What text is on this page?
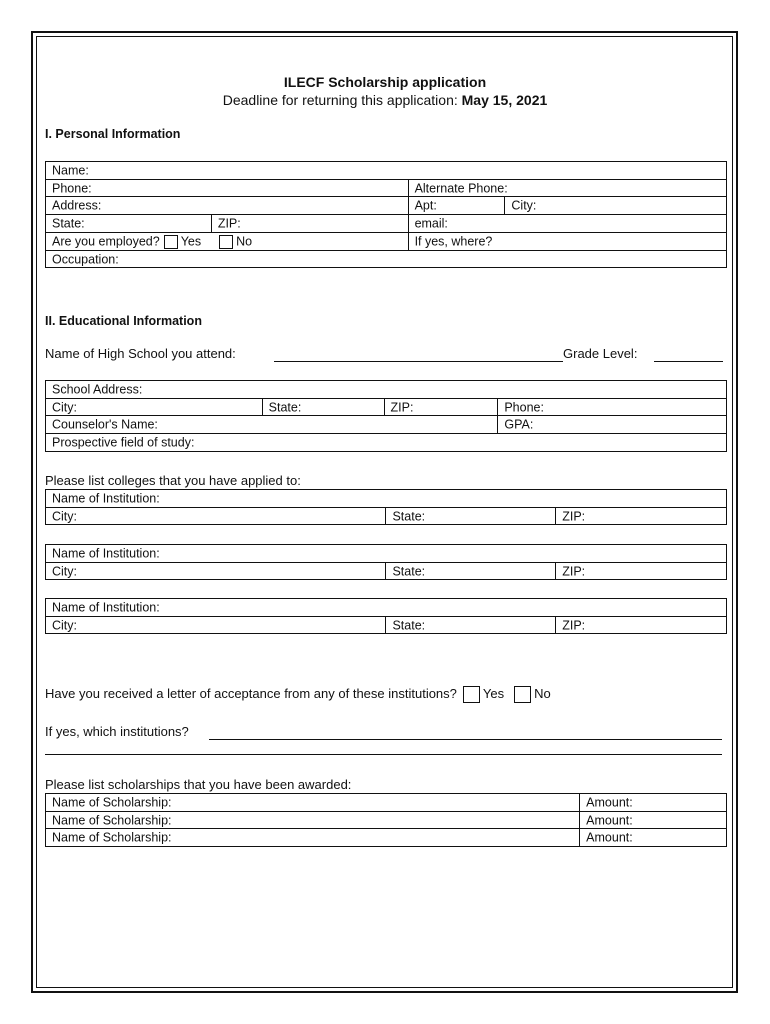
ILECF Scholarship application
Deadline for returning this application: May 15, 2021
I. Personal Information
Name:			
Phone:		Alternate Phone:	
Address:		Apt:	City:
State:	ZIP:	email:	
Are you employed? Yes No		If yes, where?	
Occupation:			
II. Educational Information
Name of High School you attend:	Grade Level:
School Address:			
City:	State:	ZIP:	Phone:
Counselor's Name:			GPA:
Prospective field of study:			
Please list colleges that you have applied to:
Name of Institution:
City:	State:	ZIP:
Name of Institution:
City:	State:	ZIP:
Name of Institution:
City:	State:	ZIP:
Have you received a letter of acceptance from any of these institutions? Yes No
If yes, which institutions?
Please list scholarships that you have been awarded:
Name of Scholarship:	Amount:
Name of Scholarship:	Amount:
Name of Scholarship:	Amount:
